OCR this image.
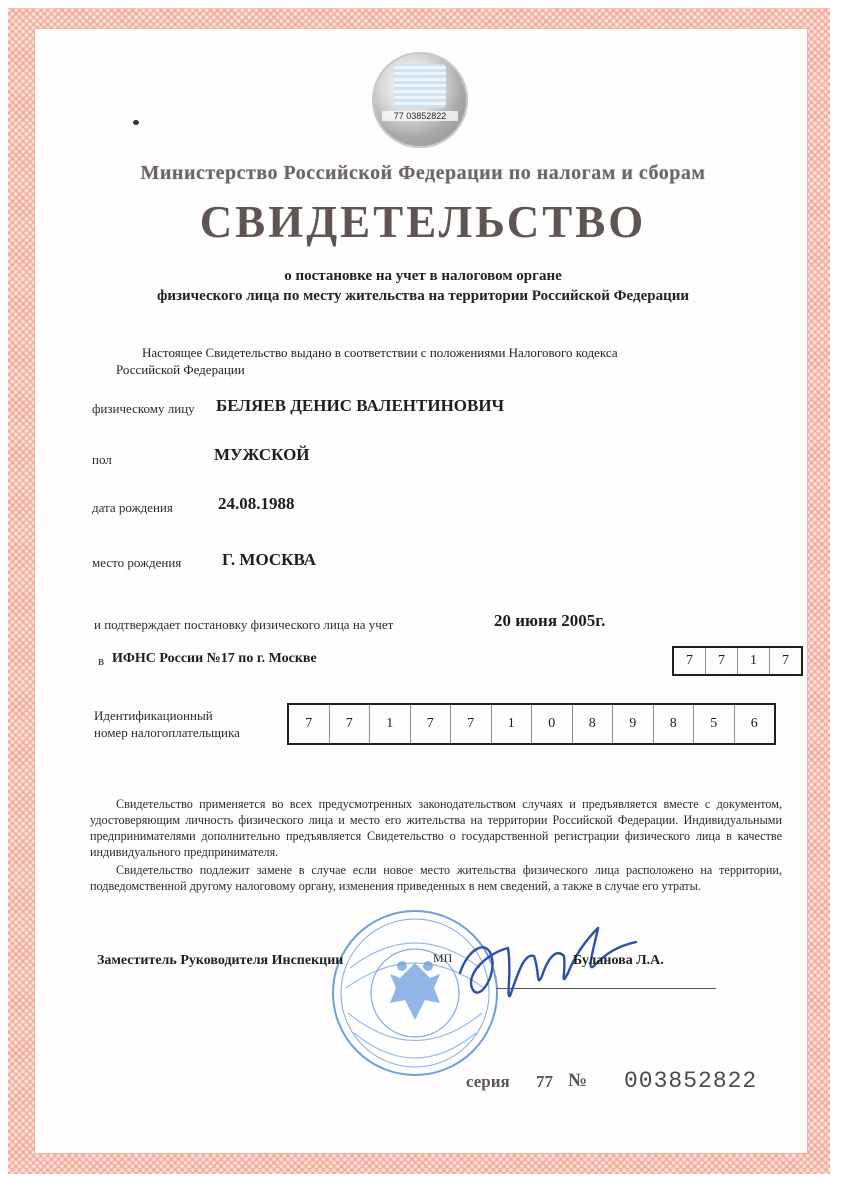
77 03852822
Министерство Российской Федерации по налогам и сборам
СВИДЕТЕЛЬСТВО
о постановке на учет в налоговом органе
физического лица по месту жительства на территории Российской Федерации

Настоящее Свидетельство выдано в соответствии с положениями Налогового кодекса

Российской Федерации

физическому лицу БЕЛЯЕВ ДЕНИС ВАЛЕНТИНОВИЧ
пол	МУЖСКОЙ
дата рождения	24.08.1988
место рождения Г. МОСКВА
и подтверждает постановку физического лица на учет	20 июня 2005г.
в ИФНС России №17 по г. Москве	7	7	1	7

Идентификационный

номер налогоплательщика

7	7	1	7	7	1	0	8	9	8	5	6

Свидетельство применяется во всех предусмотренных законодательством случаях и предъявляется вместе с документом, удостоверяющим личность физического лица и место его жительства на территории Российской Федерации. Индивидуальными предпринимателями дополнительно предъявляется Свидетельство о государственной регистрации физического лица в качестве индивидуального предпринимателя.

Свидетельство подлежит замене в случае если новое место жительства физического лица расположено на территории, подведомственной другому налоговому органу, изменения приведенных в нем сведений, а также в случае его утраты.

Заместитель Руководителя Инспекции	МП	Буланова Л.А.
серия 77 № 003852822
